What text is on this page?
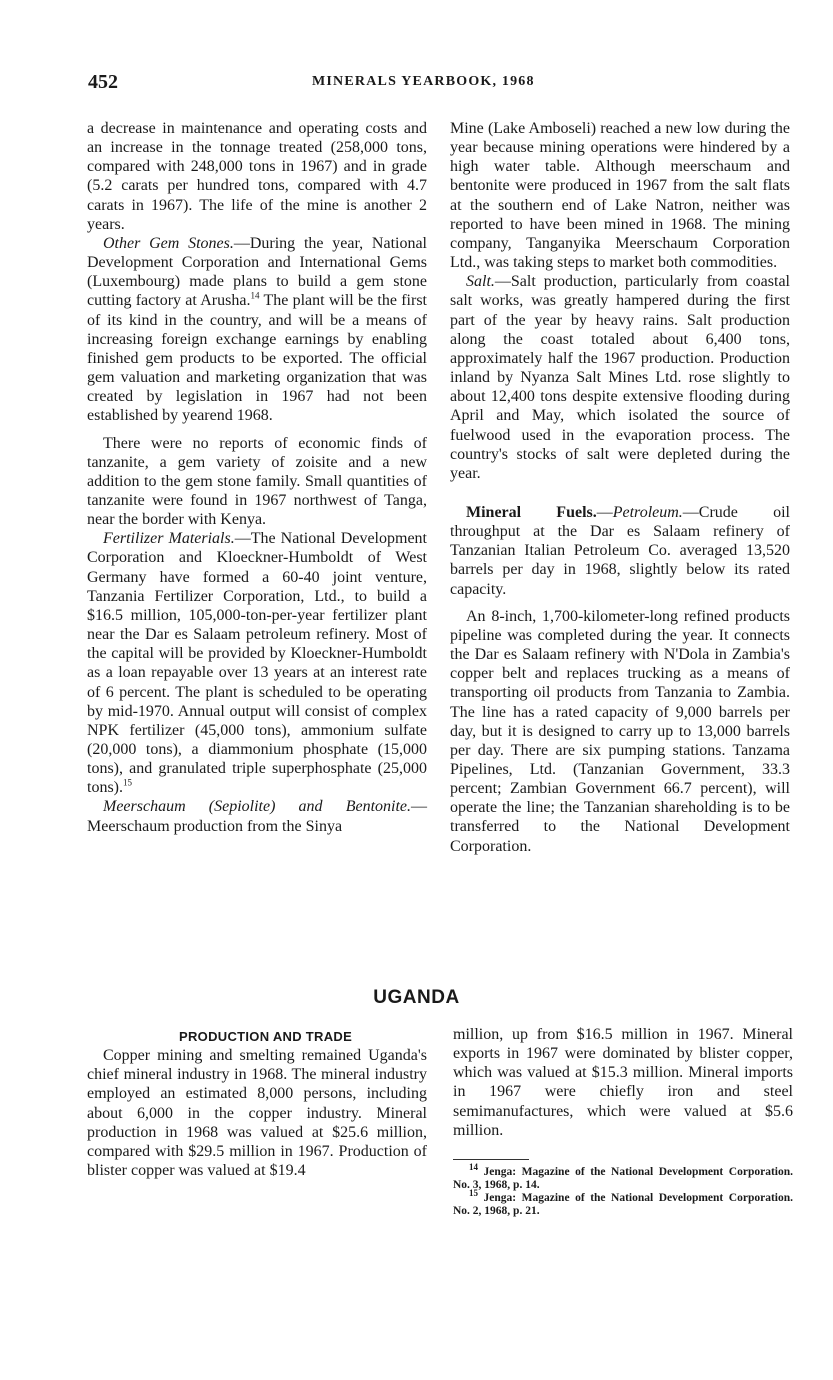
452	MINERALS YEARBOOK, 1968

a decrease in maintenance and operating costs and an increase in the tonnage treated (258,000 tons, compared with 248,000 tons in 1967) and in grade (5.2 carats per hundred tons, compared with 4.7 carats in 1967). The life of the mine is another 2 years.

Other Gem Stones.—During the year, National Development Corporation and International Gems (Luxembourg) made plans to build a gem stone cutting factory at Arusha.$^{14}$ The plant will be the first of its kind in the country, and will be a means of increasing foreign exchange earnings by enabling finished gem products to be exported. The official gem valuation and marketing organization that was created by legislation in 1967 had not been established by yearend 1968.

There were no reports of economic finds of tanzanite, a gem variety of zoisite and a new addition to the gem stone family. Small quantities of tanzanite were found in 1967 northwest of Tanga, near the border with Kenya.

Fertilizer Materials.—The National Development Corporation and Kloeckner-Humboldt of West Germany have formed a 60-40 joint venture, Tanzania Fertilizer Corporation, Ltd., to build a $16.5 million, 105,000-ton-per-year fertilizer plant near the Dar es Salaam petroleum refinery. Most of the capital will be provided by Kloeckner-Humboldt as a loan repayable over 13 years at an interest rate of 6 percent. The plant is scheduled to be operating by mid-1970. Annual output will consist of complex NPK fertilizer (45,000 tons), ammonium sulfate (20,000 tons), a diammonium phosphate (15,000 tons), and granulated triple superphosphate (25,000 tons).$^{15}$

Meerschaum (Sepiolite) and Bentonite.—Meerschaum production from the Sinya

Mine (Lake Amboseli) reached a new low during the year because mining operations were hindered by a high water table. Although meerschaum and bentonite were produced in 1967 from the salt flats at the southern end of Lake Natron, neither was reported to have been mined in 1968. The mining company, Tanganyika Meerschaum Corporation Ltd., was taking steps to market both commodities.

Salt.—Salt production, particularly from coastal salt works, was greatly hampered during the first part of the year by heavy rains. Salt production along the coast totaled about 6,400 tons, approximately half the 1967 production. Production inland by Nyanza Salt Mines Ltd. rose slightly to about 12,400 tons despite extensive flooding during April and May, which isolated the source of fuelwood used in the evaporation process. The country's stocks of salt were depleted during the year.

Mineral Fuels.—Petroleum.—Crude oil throughput at the Dar es Salaam refinery of Tanzanian Italian Petroleum Co. averaged 13,520 barrels per day in 1968, slightly below its rated capacity.

An 8-inch, 1,700-kilometer-long refined products pipeline was completed during the year. It connects the Dar es Salaam refinery with N'Dola in Zambia's copper belt and replaces trucking as a means of transporting oil products from Tanzania to Zambia. The line has a rated capacity of 9,000 barrels per day, but it is designed to carry up to 13,000 barrels per day. There are six pumping stations. Tanzama Pipelines, Ltd. (Tanzanian Government, 33.3 percent; Zambian Government 66.7 percent), will operate the line; the Tanzanian shareholding is to be transferred to the National Development Corporation.

UGANDA

PRODUCTION AND TRADE

Copper mining and smelting remained Uganda's chief mineral industry in 1968. The mineral industry employed an estimated 8,000 persons, including about 6,000 in the copper industry. Mineral production in 1968 was valued at $25.6 million, compared with $29.5 million in 1967. Production of blister copper was valued at $19.4

million, up from $16.5 million in 1967. Mineral exports in 1967 were dominated by blister copper, which was valued at $15.3 million. Mineral imports in 1967 were chiefly iron and steel semimanufactures, which were valued at $5.6 million.

$^{14}$ Jenga: Magazine of the National Development Corporation. No. 3, 1968, p. 14.

$^{15}$ Jenga: Magazine of the National Development Corporation. No. 2, 1968, p. 21.
